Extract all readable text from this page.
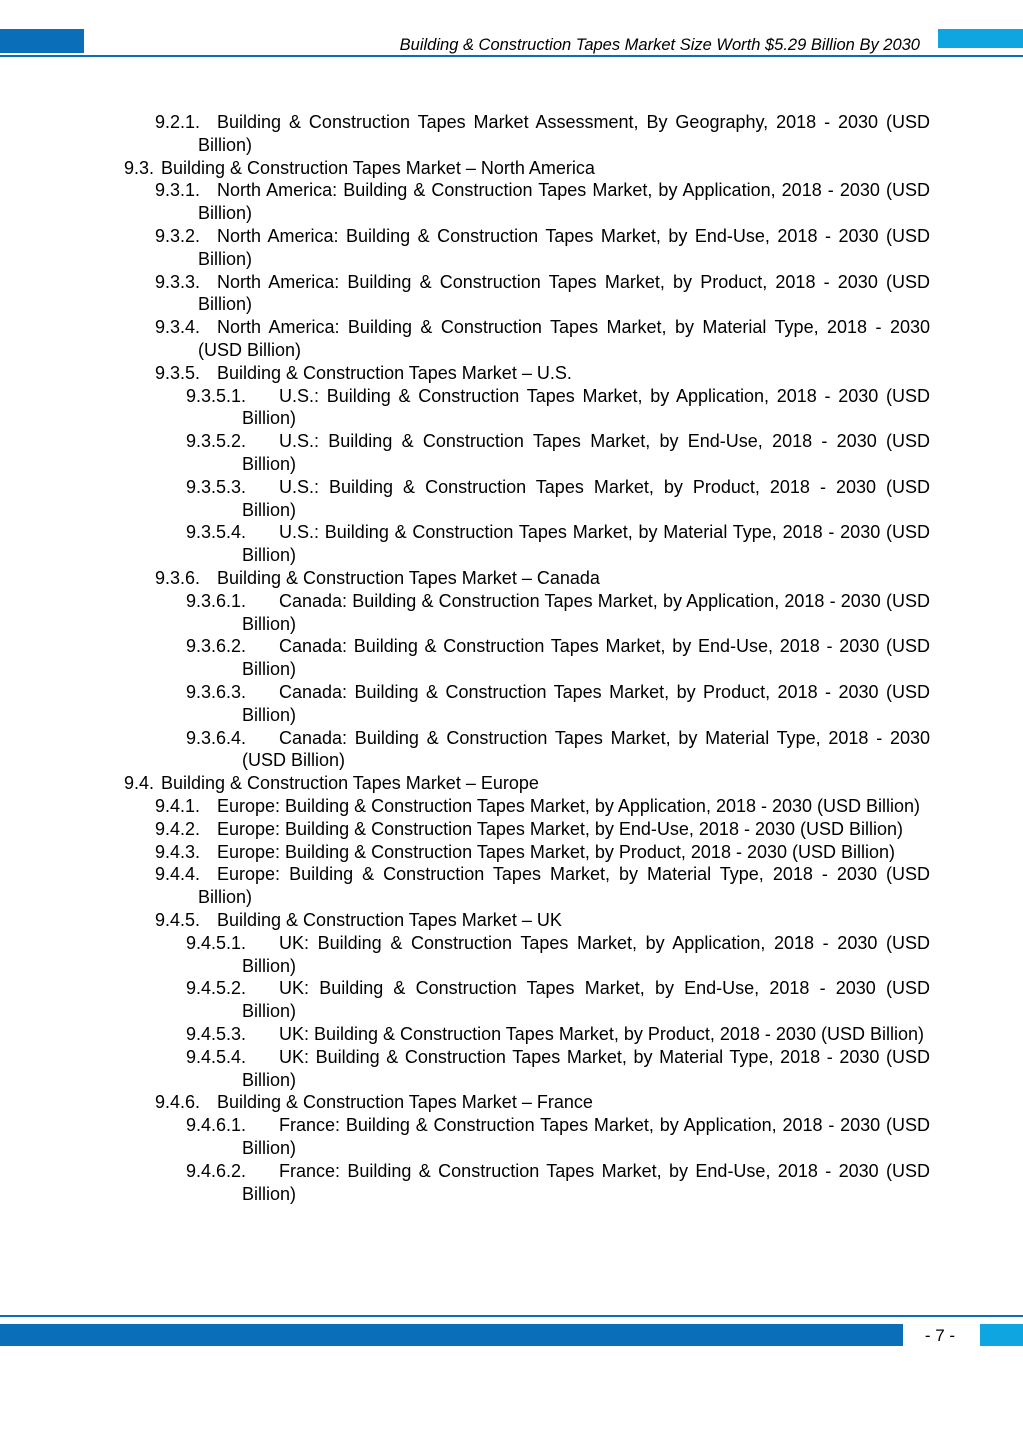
Building & Construction Tapes Market Size Worth $5.29 Billion By 2030
9.2.1. Building & Construction Tapes Market Assessment, By Geography, 2018 - 2030 (USD Billion)
9.3. Building & Construction Tapes Market – North America
9.3.1. North America: Building & Construction Tapes Market, by Application, 2018 - 2030 (USD Billion)
9.3.2. North America: Building & Construction Tapes Market, by End-Use, 2018 - 2030 (USD Billion)
9.3.3. North America: Building & Construction Tapes Market, by Product, 2018 - 2030 (USD Billion)
9.3.4. North America: Building & Construction Tapes Market, by Material Type, 2018 - 2030 (USD Billion)
9.3.5. Building & Construction Tapes Market – U.S.
9.3.5.1.	U.S.: Building & Construction Tapes Market, by Application, 2018 - 2030 (USD Billion)
9.3.5.2.	U.S.: Building & Construction Tapes Market, by End-Use, 2018 - 2030 (USD Billion)
9.3.5.3.	U.S.: Building & Construction Tapes Market, by Product, 2018 - 2030 (USD Billion)
9.3.5.4.	U.S.: Building & Construction Tapes Market, by Material Type, 2018 - 2030 (USD Billion)
9.3.6. Building & Construction Tapes Market – Canada
9.3.6.1.	Canada: Building & Construction Tapes Market, by Application, 2018 - 2030 (USD Billion)
9.3.6.2.	Canada: Building & Construction Tapes Market, by End-Use, 2018 - 2030 (USD Billion)
9.3.6.3.	Canada: Building & Construction Tapes Market, by Product, 2018 - 2030 (USD Billion)
9.3.6.4.	Canada: Building & Construction Tapes Market, by Material Type, 2018 - 2030 (USD Billion)
9.4. Building & Construction Tapes Market – Europe
9.4.1. Europe: Building & Construction Tapes Market, by Application, 2018 - 2030 (USD Billion)
9.4.2. Europe: Building & Construction Tapes Market, by End-Use, 2018 - 2030 (USD Billion)
9.4.3. Europe: Building & Construction Tapes Market, by Product, 2018 - 2030 (USD Billion)
9.4.4. Europe: Building & Construction Tapes Market, by Material Type, 2018 - 2030 (USD Billion)
9.4.5. Building & Construction Tapes Market – UK
9.4.5.1.	UK: Building & Construction Tapes Market, by Application, 2018 - 2030 (USD Billion)
9.4.5.2.	UK: Building & Construction Tapes Market, by End-Use, 2018 - 2030 (USD Billion)
9.4.5.3.	UK: Building & Construction Tapes Market, by Product, 2018 - 2030 (USD Billion)
9.4.5.4.	UK: Building & Construction Tapes Market, by Material Type, 2018 - 2030 (USD Billion)
9.4.6. Building & Construction Tapes Market – France
9.4.6.1.	France: Building & Construction Tapes Market, by Application, 2018 - 2030 (USD Billion)
9.4.6.2.	France: Building & Construction Tapes Market, by End-Use, 2018 - 2030 (USD Billion)
- 7 -
